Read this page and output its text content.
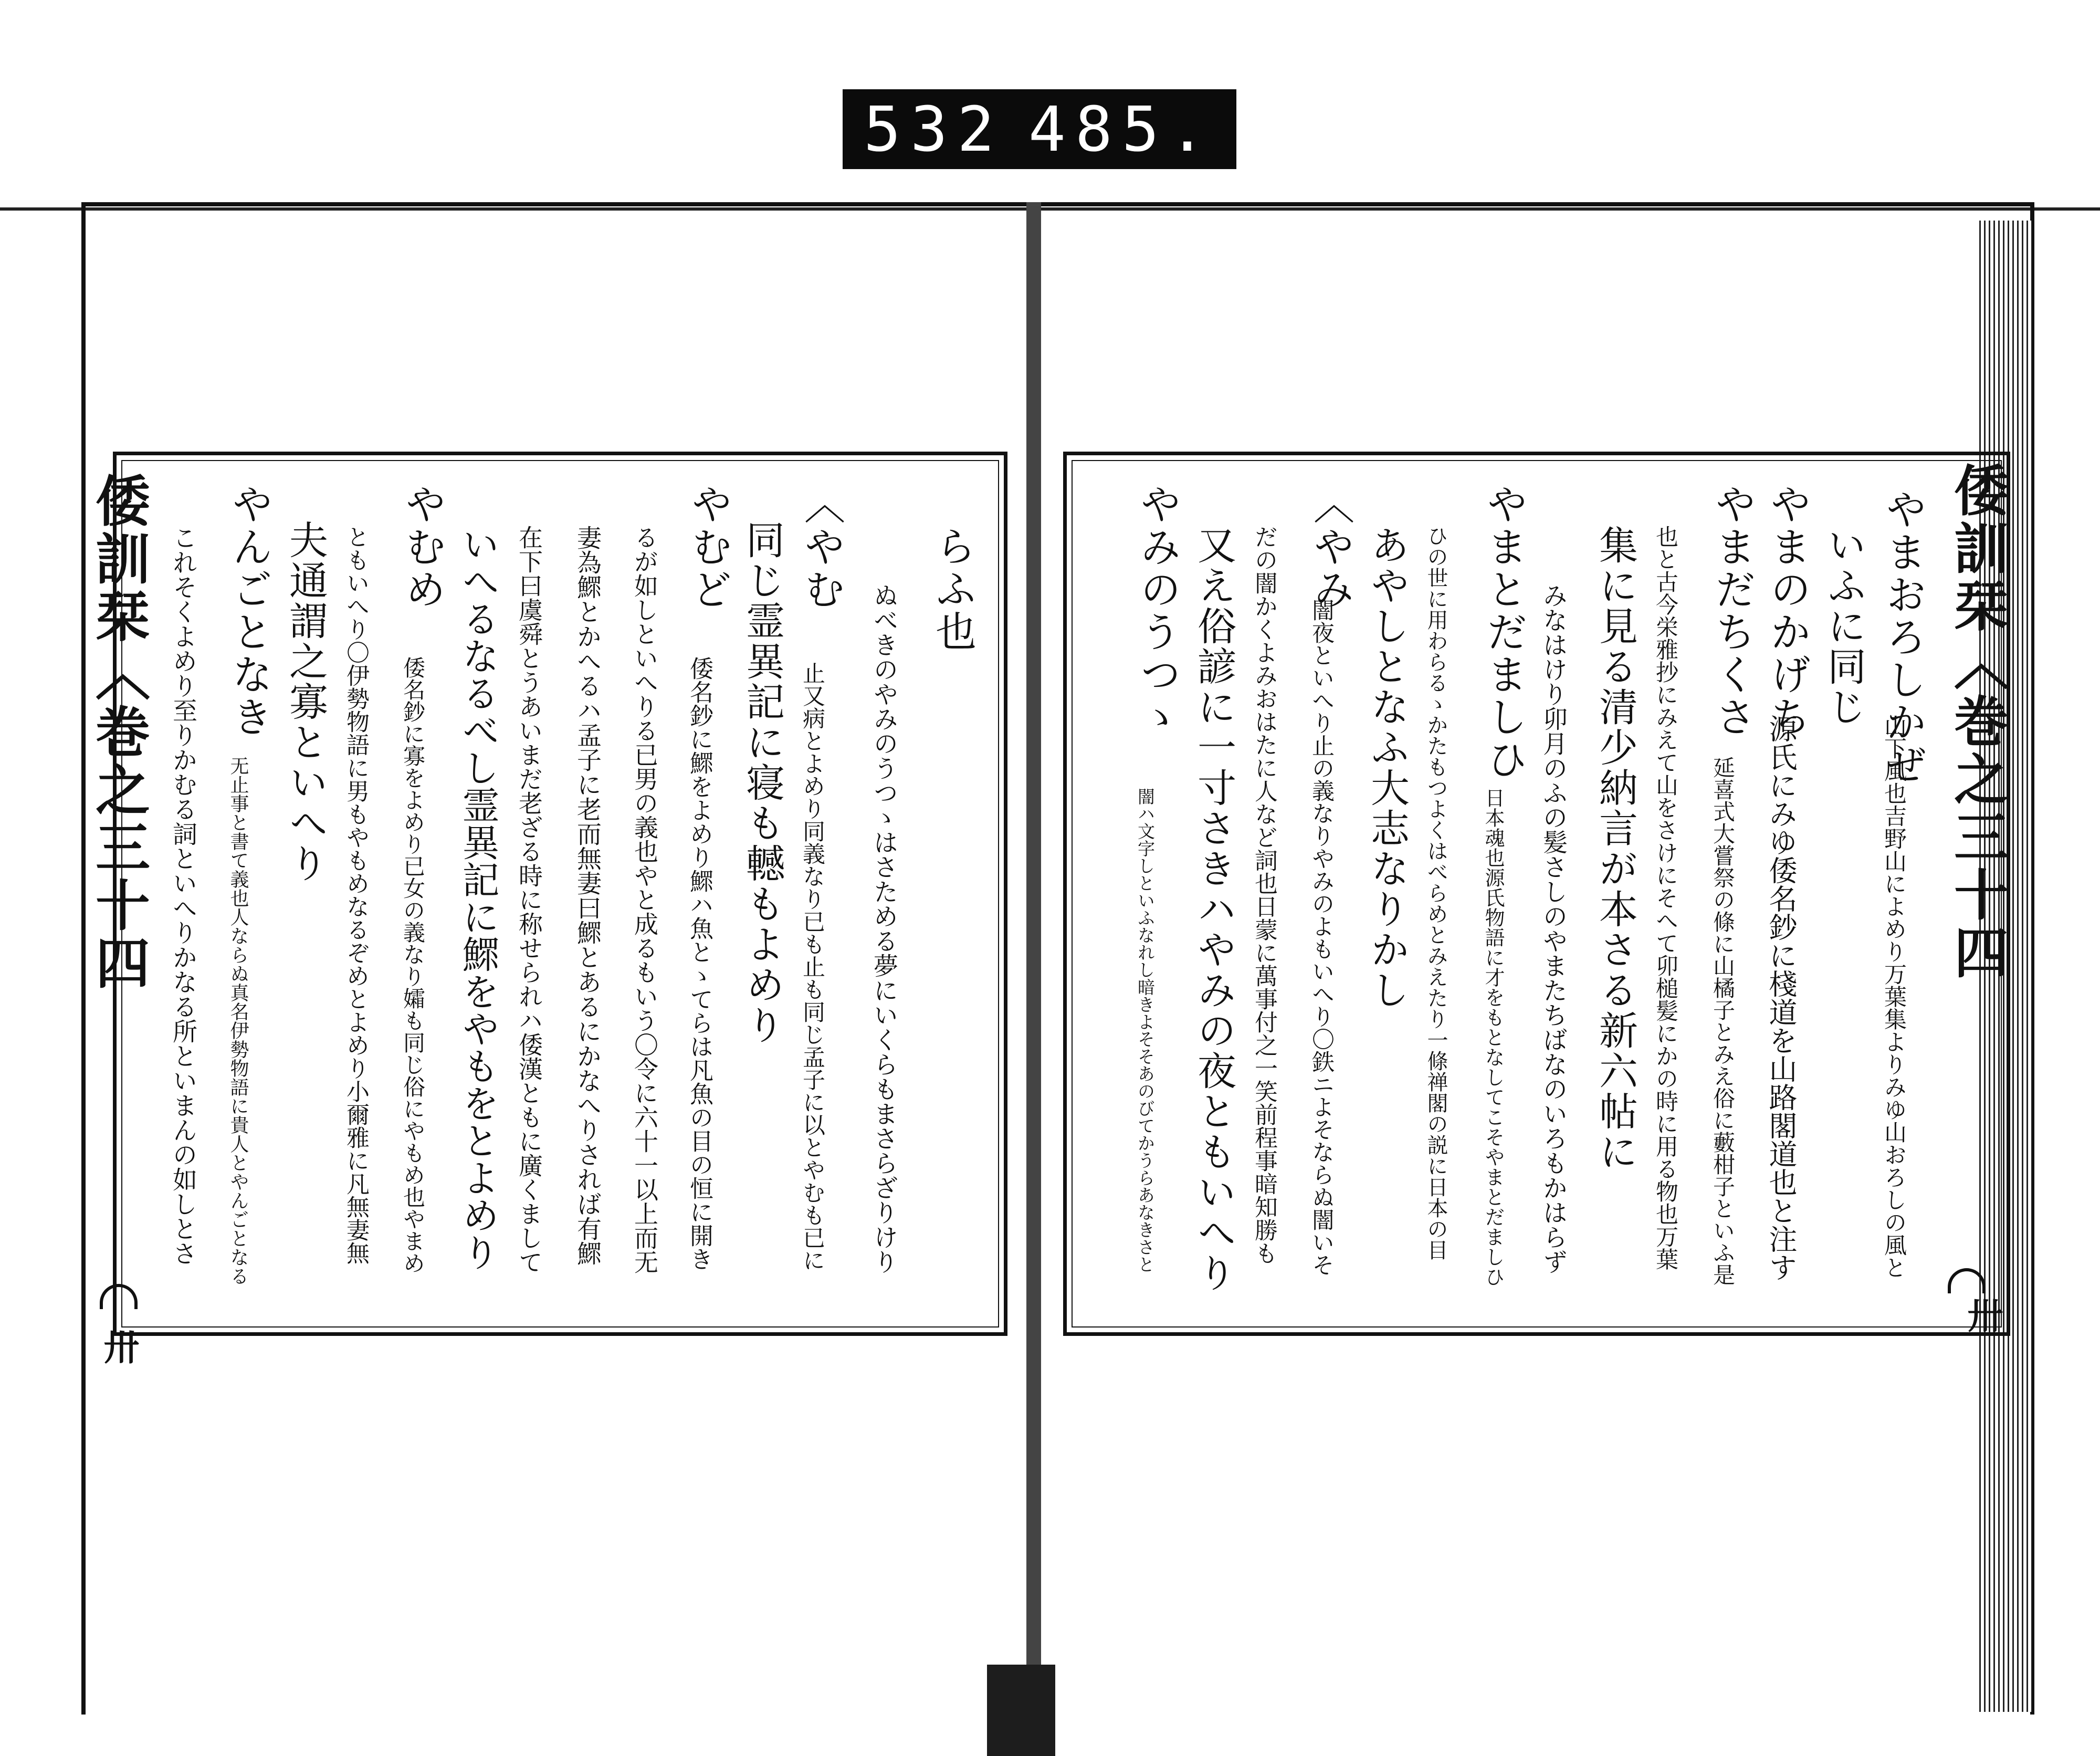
532 485.
倭訓栞〈巻之三十四
卅
倭訓栞〈巻之三十四
卅
らふ也
ぬべきのやみのうつゝはさためる夢にいくらもまさらざりけり
〈やむ
止又病とよめり同義なり已も止も同じ孟子に以とやむも已に
同じ霊異記に寝も轗もよめり
やむど
倭名鈔に鰥をよめり鰥ハ魚とゝてらは凡魚の目の恒に開き
るが如しといへりる已男の義也やと成るもいう〇令に六十一以上而无
妻為鰥とかへるハ孟子に老而無妻曰鰥とあるにかなへりされば有鰥
在下曰虞舜とうあいまだ老ざる時に称せられハ倭漢ともに廣くまして
いへるなるべし霊異記に鰥をやもをとよめり
やむめ
倭名鈔に寡をよめり已女の義なり孀も同じ俗にやもめ也やまめ
ともいへり〇伊勢物語に男もやもめなるぞめとよめり小爾雅に凡無妻無
夫通謂之寡といへり
やんごとなき
无止事と書て義也人ならぬ真名伊勢物語に貴人とやんごとなる
これそくよめり至りかむる詞といへりかなる所といまんの如しとさ	やまおろしかぜ
山下風也吉野山によめり万葉集よりみゆ山おろしの風と
いふに同じ
やまのかげち
源氏にみゆ倭名鈔に棧道を山路閣道也と注す
やまだちくさ
延喜式大嘗祭の條に山橘子とみえ俗に藪柑子といふ是
也と古今栄雅抄にみえて山をさけにそへて卯槌髪にかの時に用る物也万葉
集に見る清少納言が本さる新六帖に
みなはけり卯月のふの髪さしのやまたちばなのいろもかはらず
やまとだましひ
日本魂也源氏物語に才をもとなしてこそやまとだましひ
ひの世に用わらるゝかたもつよくはべらめとみえたり一條禅閣の説に日本の目
あやしとなふ大志なりかし
〈やみ
闇夜といへり止の義なりやみのよもいへり〇鉄ニよそならぬ闇いそ
だの闇かくよみおはたに人など詞也日蒙に萬事付之一笑前程事暗知勝も
又え俗諺に一寸さきハやみの夜ともいへり
やみのうつゝ
闇ハ文字しといふなれし暗きよそそあのびてかうらあなきさと
